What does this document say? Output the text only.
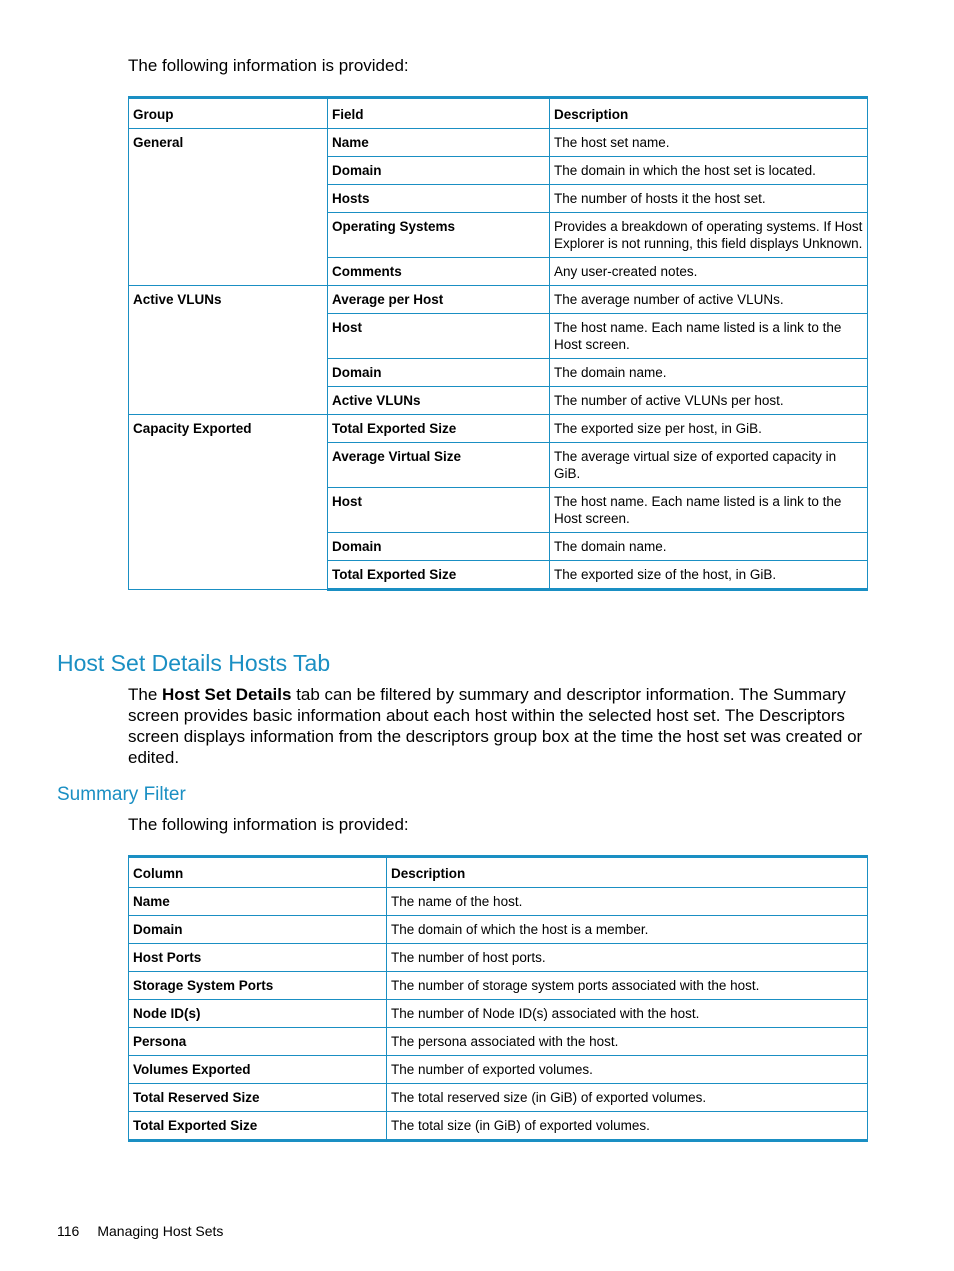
The following information is provided:
Group	Field	Description
General	Name	The host set name.
	Domain	The domain in which the host set is located.
	Hosts	The number of hosts it the host set.
	Operating Systems	Provides a breakdown of operating systems. If Host Explorer is not running, this field displays Unknown.
	Comments	Any user-created notes.
Active VLUNs	Average per Host	The average number of active VLUNs.
	Host	The host name. Each name listed is a link to the Host screen.
	Domain	The domain name.
	Active VLUNs	The number of active VLUNs per host.
Capacity Exported	Total Exported Size	The exported size per host, in GiB.
	Average Virtual Size	The average virtual size of exported capacity in GiB.
	Host	The host name. Each name listed is a link to the Host screen.
	Domain	The domain name.
	Total Exported Size	The exported size of the host, in GiB.
Host Set Details Hosts Tab
The Host Set Details tab can be filtered by summary and descriptor information. The Summary screen provides basic information about each host within the selected host set. The Descriptors screen displays information from the descriptors group box at the time the host set was created or edited.
Summary Filter
The following information is provided:
Column	Description
Name	The name of the host.
Domain	The domain of which the host is a member.
Host Ports	The number of host ports.
Storage System Ports	The number of storage system ports associated with the host.
Node ID(s)	The number of Node ID(s) associated with the host.
Persona	The persona associated with the host.
Volumes Exported	The number of exported volumes.
Total Reserved Size	The total reserved size (in GiB) of exported volumes.
Total Exported Size	The total size (in GiB) of exported volumes.
116 Managing Host Sets
